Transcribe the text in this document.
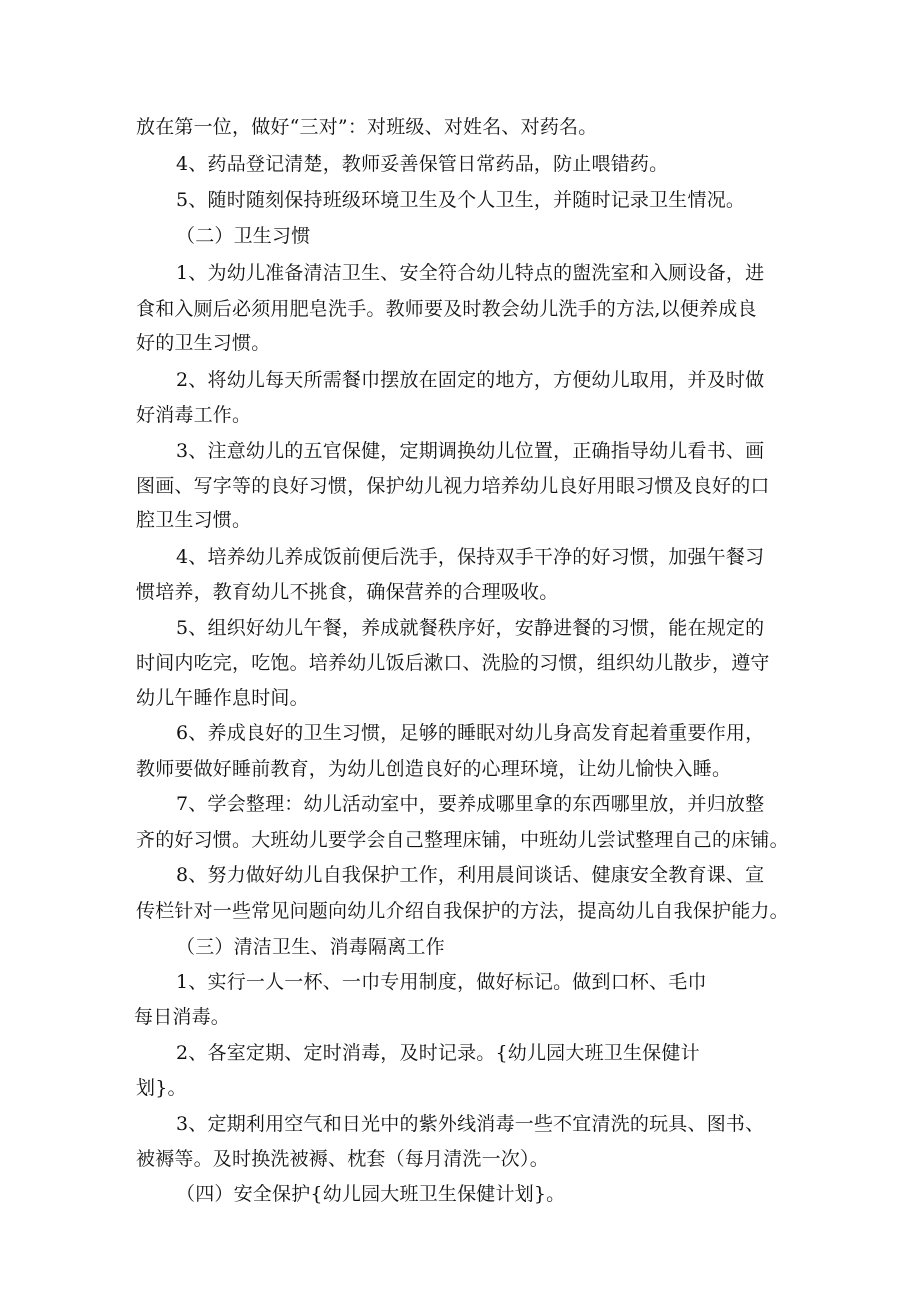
放在第一位，做好“三对”：对班级、对姓名、对药名。
4、药品登记清楚，教师妥善保管日常药品，防止喂错药。
5、随时随刻保持班级环境卫生及个人卫生，并随时记录卫生情况。
（二）卫生习惯
1、为幼儿准备清洁卫生、安全符合幼儿特点的盥洗室和入厕设备，进
食和入厕后必须用肥皂洗手。教师要及时教会幼儿洗手的方法,以便养成良
好的卫生习惯。
2、将幼儿每天所需餐巾摆放在固定的地方，方便幼儿取用，并及时做
好消毒工作。
3、注意幼儿的五官保健，定期调换幼儿位置，正确指导幼儿看书、画
图画、写字等的良好习惯，保护幼儿视力培养幼儿良好用眼习惯及良好的口
腔卫生习惯。
4、培养幼儿养成饭前便后洗手，保持双手干净的好习惯，加强午餐习
惯培养，教育幼儿不挑食，确保营养的合理吸收。
5、组织好幼儿午餐，养成就餐秩序好，安静进餐的习惯，能在规定的
时间内吃完，吃饱。培养幼儿饭后漱口、洗脸的习惯，组织幼儿散步，遵守
幼儿午睡作息时间。
6、养成良好的卫生习惯，足够的睡眠对幼儿身高发育起着重要作用，
教师要做好睡前教育，为幼儿创造良好的心理环境，让幼儿愉快入睡。
7、学会整理：幼儿活动室中，要养成哪里拿的东西哪里放，并归放整
齐的好习惯。大班幼儿要学会自己整理床铺，中班幼儿尝试整理自己的床铺。
8、努力做好幼儿自我保护工作，利用晨间谈话、健康安全教育课、宣
传栏针对一些常见问题向幼儿介绍自我保护的方法，提高幼儿自我保护能力。
（三）清洁卫生、消毒隔离工作
1、实行一人一杯、一巾专用制度，做好标记。做到口杯、毛巾
每日消毒。
2、各室定期、定时消毒，及时记录。{幼儿园大班卫生保健计
划}。
3、定期利用空气和日光中的紫外线消毒一些不宜清洗的玩具、图书、
被褥等。及时换洗被褥、枕套（每月清洗一次）。
（四）安全保护{幼儿园大班卫生保健计划}。
